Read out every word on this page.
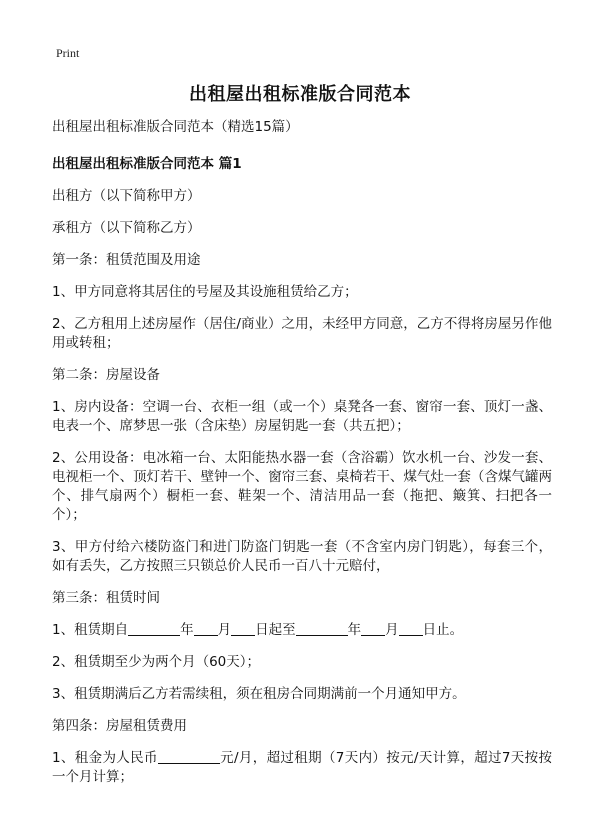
Print
出租屋出租标准版合同范本

出租屋出租标准版合同范本（精选15篇）

出租屋出租标准版合同范本 篇1

出租方（以下简称甲方）

承租方（以下简称乙方）

第一条：租赁范围及用途

1、甲方同意将其居住的号屋及其设施租赁给乙方；

2、乙方租用上述房屋作（居住/商业）之用，未经甲方同意，乙方不得将房屋另作他用或转租；

第二条：房屋设备

1、房内设备：空调一台、衣柜一组（或一个）桌凳各一套、窗帘一套、顶灯一盏、电表一个、席梦思一张（含床垫）房屋钥匙一套（共五把）；

2、公用设备：电冰箱一台、太阳能热水器一套（含浴霸）饮水机一台、沙发一套、电视柜一个、顶灯若干、壁钟一个、窗帘三套、桌椅若干、煤气灶一套（含煤气罐两个、排气扇两个）橱柜一套、鞋架一个、清洁用品一套（拖把、簸箕、扫把各一个）；

3、甲方付给六楼防盗门和进门防盗门钥匙一套（不含室内房门钥匙），每套三个，如有丢失，乙方按照三只锁总价人民币一百八十元赔付，

第三条：租赁时间

1、租赁期自	年 月 日起至	年 月 日止。

2、租赁期至少为两个月（60天）；

3、租赁期满后乙方若需续租，须在租房合同期满前一个月通知甲方。

第四条：房屋租赁费用

1、租金为人民币	元/月，超过租期（7天内）按元/天计算，超过7天按按一个月计算；
